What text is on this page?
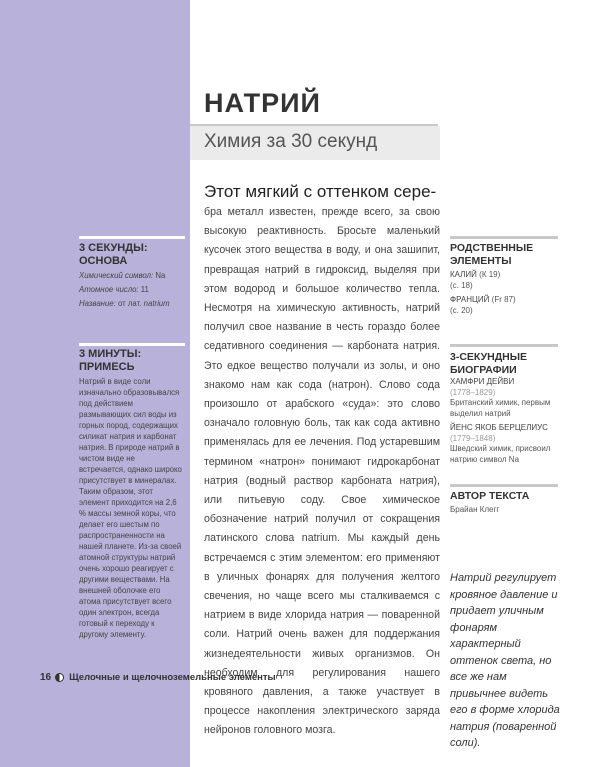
НАТРИЙ

Химия за 30 секунд

Этот мягкий с оттенком сере-

бра металл известен, прежде всего, за свою высокую реактивность. Бросьте маленький кусочек этого вещества в воду, и она зашипит, превращая натрий в гидроксид, выделяя при этом водород и большое количество тепла. Несмотря на химическую активность, натрий получил свое название в честь гораздо более седативного соединения — карбоната натрия. Это едкое вещество получали из золы, и оно знакомо нам как сода (натрон). Слово сода произошло от арабского «суда»: это слово означало головную боль, так как сода активно применялась для ее лечения. Под устаревшим термином «натрон» понимают гидрокарбонат натрия (водный раствор карбоната натрия), или питьевую соду. Свое химическое обозначение натрий получил от сокращения латинского слова natrium. Мы каждый день встречаемся с этим элементом: его применяют в уличных фонарях для получения желтого свечения, но чаще всего мы сталкиваемся с натрием в виде хлорида натрия — поваренной соли. Натрий очень важен для поддержания жизнедеятельности живых организмов. Он необходим для регулирования нашего кровяного давления, а также участвует в процессе накопления электрического заряда нейронов головного мозга.

3 СЕКУНДЫ: ОСНОВА
Химический символ: Na
Атомное число: 11
Название: от лат. natrium
3 МИНУТЫ: ПРИМЕСЬ

Натрий в виде соли изначально образовывался под действием размывающих сил воды из горных пород, содержащих силикат натрия и карбонат натрия. В природе натрий в чистом виде не встречается, однако широко присутствует в минералах. Таким образом, этот элемент приходится на 2,6 % массы земной коры, что делает его шестым по распространенности на нашей планете. Из-за своей атомной структуры натрий очень хорошо реагирует с другими веществами. На внешней оболочке его атома присутствует всего один электрон, всегда готовый к переходу к другому элементу.

РОДСТВЕННЫЕ ЭЛЕМЕНТЫ
КАЛИЙ (К 19)
(с. 18)
ФРАНЦИЙ (Fr 87)
(с. 20)
3-СЕКУНДНЫЕ БИОГРАФИИ
ХАМФРИ ДЕЙВИ
(1778–1829)
Британский химик, первым выделил натрий
ЙЕНС ЯКОБ БЕРЦЕЛИУС
(1779–1848)
Шведский химик, присвоил натрию символ Na
АВТОР ТЕКСТА
Брайан Клегг

Натрий регулирует кровяное давление и придает уличным фонарям характерный оттенок света, но все же нам привычнее видеть его в форме хлорида натрия (поваренной соли).

16 Щелочные и щелочноземельные элементы
